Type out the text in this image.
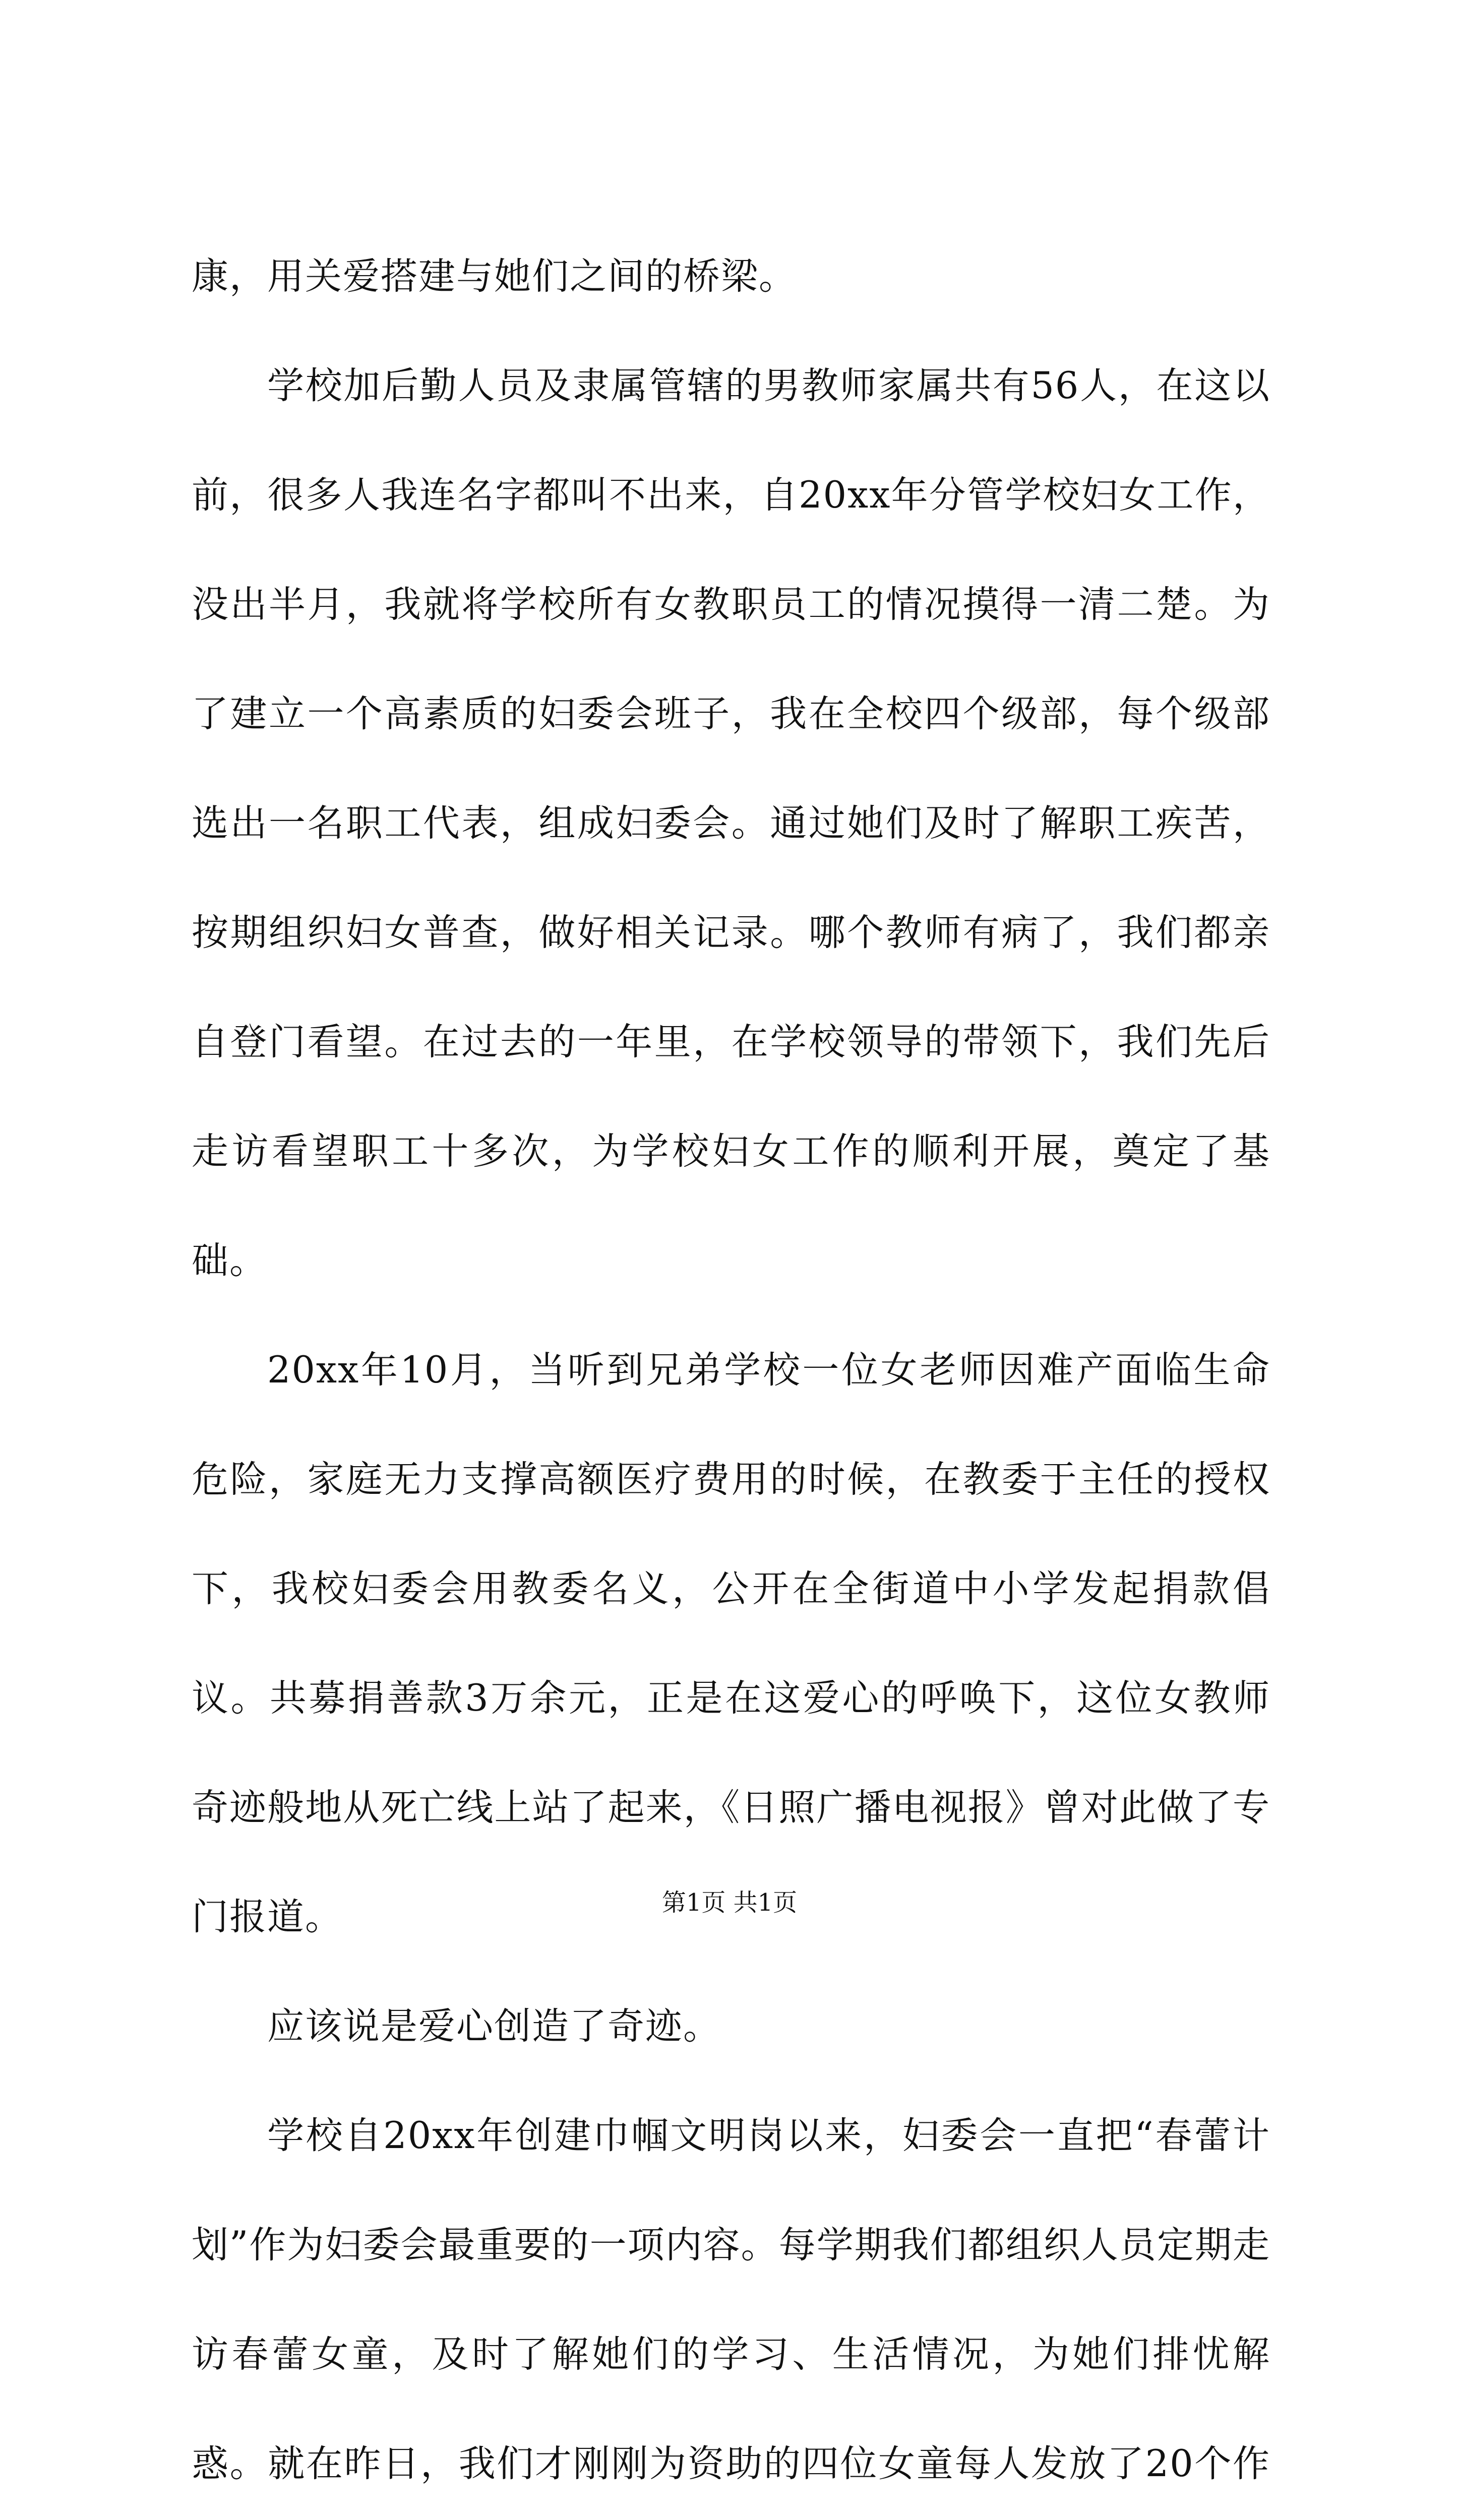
康，用关爱搭建与她们之间的桥梁。

学校加后勤人员及隶属管辖的男教师家属共有56人，在这以前，很多人我连名字都叫不出来，自20xx年分管学校妇女工作，没出半月，我就将学校所有女教职员工的情况摸得一清二楚。为了建立一个高素质的妇委会班子，我在全校四个级部，每个级部选出一名职工代表，组成妇委会。通过她们及时了解职工疾苦，按期组织妇女普查，做好相关记录。哪个教师有病了，我们都亲自登门看望。在过去的一年里，在学校领导的带领下，我们先后走访看望职工十多次，为学校妇女工作的顺利开展，奠定了基础。

20xx年10月，当听到兄弟学校一位女老师因难产面临生命危险，家庭无力支撑高额医疗费用的时候，在教委于主任的授权下，我校妇委会用教委名义，公开在全街道中小学发起捐款倡议。共募捐善款3万余元，正是在这爱心的呼唤下，这位女教师奇迹般地从死亡线上站了起来，《日照广播电视报》曾对此做了专门报道。

应该说是爱心创造了奇迹。

学校自20xx年创建巾帼文明岗以来，妇委会一直把“春蕾计划”作为妇委会最重要的一项内容。每学期我们都组织人员定期走访春蕾女童，及时了解她们的学习、生活情况，为她们排忧解惑。就在昨日，我们才刚刚为资助的四位女童每人发放了20个作

第1页 共1页
